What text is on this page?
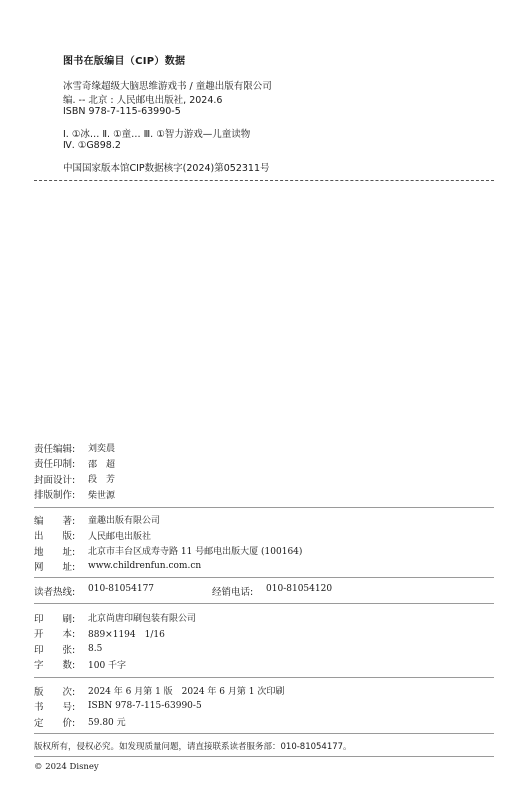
图书在版编目（CIP）数据
冰雪奇缘超级大脑思维游戏书 / 童趣出版有限公司
编. -- 北京 : 人民邮电出版社, 2024.6
ISBN 978-7-115-63990-5
Ⅰ. ①冰… Ⅱ. ①童… Ⅲ. ①智力游戏—儿童读物
Ⅳ. ①G898.2
中国国家版本馆CIP数据核字(2024)第052311号
责任编辑:	刘奕晨
责任印制:	邵　超
封面设计:	段　芳
排版制作:	柴世源
编　　著:	童趣出版有限公司
出　　版:	人民邮电出版社
地　　址:	北京市丰台区成寿寺路 11 号邮电出版大厦 (100164)
网　　址:	www.childrenfun.com.cn
读者热线:	010-81054177	经销电话:	010-81054120
印　　刷:	北京尚唐印刷包装有限公司
开　　本:	889×1194　1/16
印　　张:	8.5
字　　数:	100 千字
版　　次:	2024 年 6 月第 1 版　2024 年 6 月第 1 次印刷
书　　号:	ISBN 978-7-115-63990-5
定　　价:	59.80 元
版权所有，侵权必究。如发现质量问题，请直接联系读者服务部：010-81054177。
© 2024 Disney
